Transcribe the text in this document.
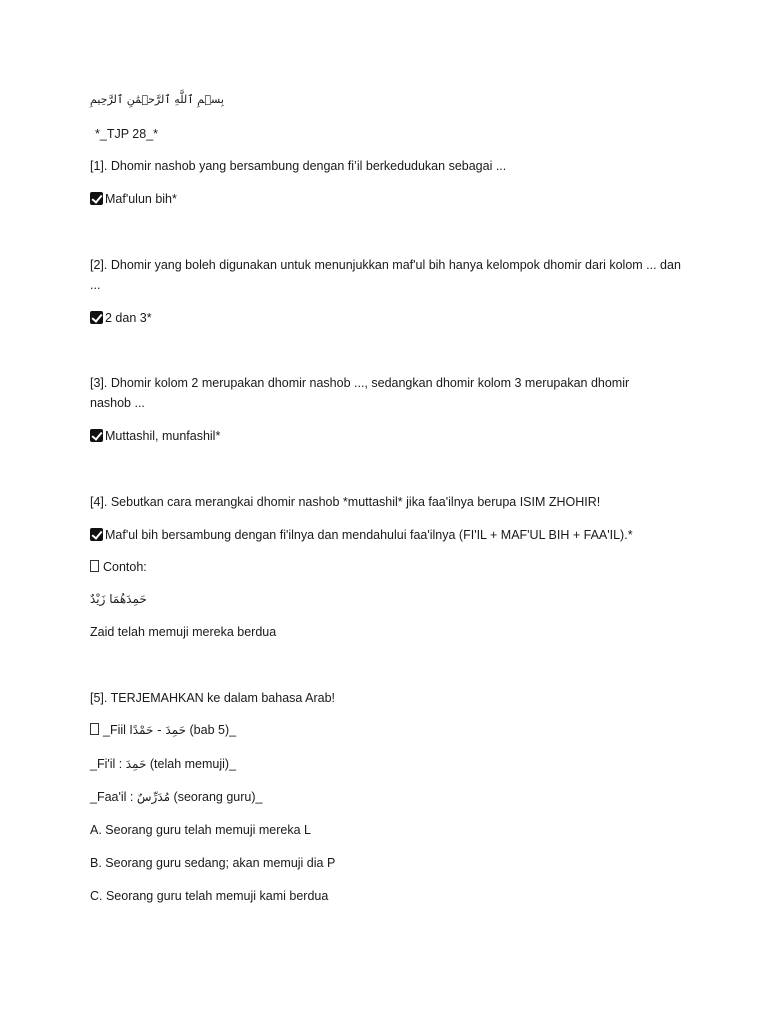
بِسۡمِ ٱللَّهِ ٱلرَّحۡمَٰنِ ٱلرَّحِيمِ
*_TJP 28_*
[1]. Dhomir nashob yang bersambung dengan fi’il berkedudukan sebagai ...
Maf'ulun bih*
[2]. Dhomir yang boleh digunakan untuk menunjukkan maf'ul bih hanya kelompok dhomir dari kolom ... dan ...
2 dan 3*
[3]. Dhomir kolom 2 merupakan dhomir nashob ..., sedangkan dhomir kolom 3 merupakan dhomir nashob ...
Muttashil, munfashil*
[4]. Sebutkan cara merangkai dhomir nashob *muttashil* jika faa'ilnya berupa ISIM ZHOHIR!
Maf'ul bih bersambung dengan fi'ilnya dan mendahului faa'ilnya (FI'IL + MAF'UL BIH + FAA'IL).*
Contoh:
حَمِدَهُمَا زَيْدٌ
Zaid telah memuji mereka berdua
[5]. TERJEMAHKAN ke dalam bahasa Arab!
_Fiil حَمِدَ - حَمْدًا (bab 5)_
_Fi'il : حَمِدَ (telah memuji)_
_Faa'il : مُدَرِّسٌ (seorang guru)_
A. Seorang guru telah memuji mereka L
B. Seorang guru sedang; akan memuji dia P
C. Seorang guru telah memuji kami berdua
